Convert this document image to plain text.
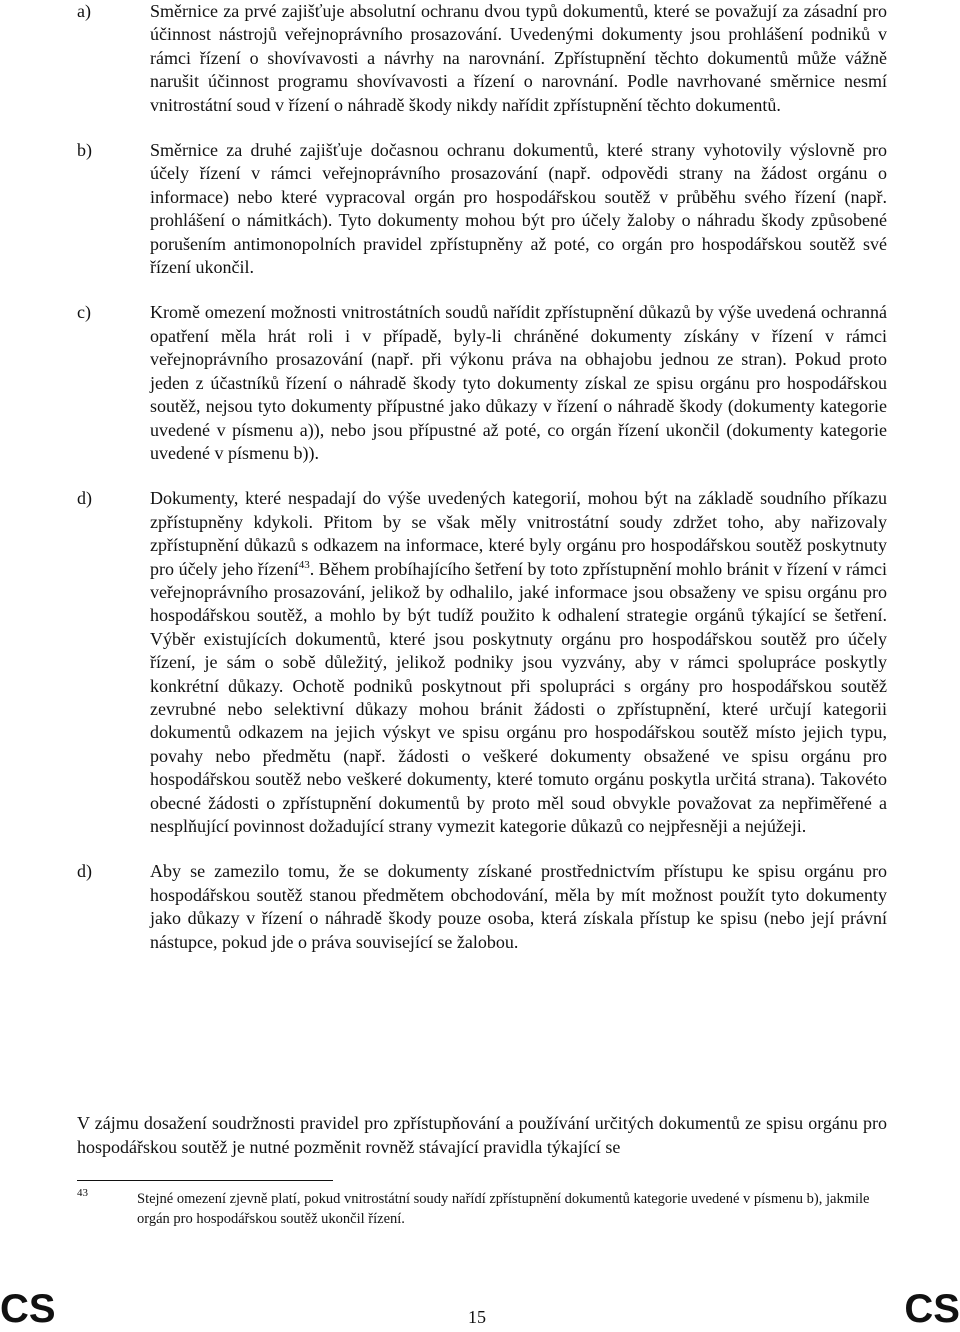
a)	Směrnice za prvé zajišťuje absolutní ochranu dvou typů dokumentů, které se považují za zásadní pro účinnost nástrojů veřejnoprávního prosazování. Uvedenými dokumenty jsou prohlášení podniků v rámci řízení o shovívavosti a návrhy na narovnání. Zpřístupnění těchto dokumentů může vážně narušit účinnost programu shovívavosti a řízení o narovnání. Podle navrhované směrnice nesmí vnitrostátní soud v řízení o náhradě škody nikdy nařídit zpřístupnění těchto dokumentů.
b)	Směrnice za druhé zajišťuje dočasnou ochranu dokumentů, které strany vyhotovily výslovně pro účely řízení v rámci veřejnoprávního prosazování (např. odpovědi strany na žádost orgánu o informace) nebo které vypracoval orgán pro hospodářskou soutěž v průběhu svého řízení (např. prohlášení o námitkách). Tyto dokumenty mohou být pro účely žaloby o náhradu škody způsobené porušením antimonopolních pravidel zpřístupněny až poté, co orgán pro hospodářskou soutěž své řízení ukončil.
c)	Kromě omezení možnosti vnitrostátních soudů nařídit zpřístupnění důkazů by výše uvedená ochranná opatření měla hrát roli i v případě, byly-li chráněné dokumenty získány v řízení v rámci veřejnoprávního prosazování (např. při výkonu práva na obhajobu jednou ze stran). Pokud proto jeden z účastníků řízení o náhradě škody tyto dokumenty získal ze spisu orgánu pro hospodářskou soutěž, nejsou tyto dokumenty přípustné jako důkazy v řízení o náhradě škody (dokumenty kategorie uvedené v písmenu a)), nebo jsou přípustné až poté, co orgán řízení ukončil (dokumenty kategorie uvedené v písmenu b)).
d)	Dokumenty, které nespadají do výše uvedených kategorií, mohou být na základě soudního příkazu zpřístupněny kdykoli. Přitom by se však měly vnitrostátní soudy zdržet toho, aby nařizovaly zpřístupnění důkazů s odkazem na informace, které byly orgánu pro hospodářskou soutěž poskytnuty pro účely jeho řízení$^{43}$. Během probíhajícího šetření by toto zpřístupnění mohlo bránit v řízení v rámci veřejnoprávního prosazování, jelikož by odhalilo, jaké informace jsou obsaženy ve spisu orgánu pro hospodářskou soutěž, a mohlo by být tudíž použito k odhalení strategie orgánů týkající se šetření. Výběr existujících dokumentů, které jsou poskytnuty orgánu pro hospodářskou soutěž pro účely řízení, je sám o sobě důležitý, jelikož podniky jsou vyzvány, aby v rámci spolupráce poskytly konkrétní důkazy. Ochotě podniků poskytnout při spolupráci s orgány pro hospodářskou soutěž zevrubné nebo selektivní důkazy mohou bránit žádosti o zpřístupnění, které určují kategorii dokumentů odkazem na jejich výskyt ve spisu orgánu pro hospodářskou soutěž místo jejich typu, povahy nebo předmětu (např. žádosti o veškeré dokumenty obsažené ve spisu orgánu pro hospodářskou soutěž nebo veškeré dokumenty, které tomuto orgánu poskytla určitá strana). Takovéto obecné žádosti o zpřístupnění dokumentů by proto měl soud obvykle považovat za nepřiměřené a nesplňující povinnost dožadující strany vymezit kategorie důkazů co nejpřesněji a nejúžeji.
d)	Aby se zamezilo tomu, že se dokumenty získané prostřednictvím přístupu ke spisu orgánu pro hospodářskou soutěž stanou předmětem obchodování, měla by mít možnost použít tyto dokumenty jako důkazy v řízení o náhradě škody pouze osoba, která získala přístup ke spisu (nebo její právní nástupce, pokud jde o práva související se žalobou.
V zájmu dosažení soudržnosti pravidel pro zpřístupňování a používání určitých dokumentů ze spisu orgánu pro hospodářskou soutěž je nutné pozměnit rovněž stávající pravidla týkající se
43	Stejné omezení zjevně platí, pokud vnitrostátní soudy nařídí zpřístupnění dokumentů kategorie uvedené v písmenu b), jakmile orgán pro hospodářskou soutěž ukončil řízení.
CS	15	CS
